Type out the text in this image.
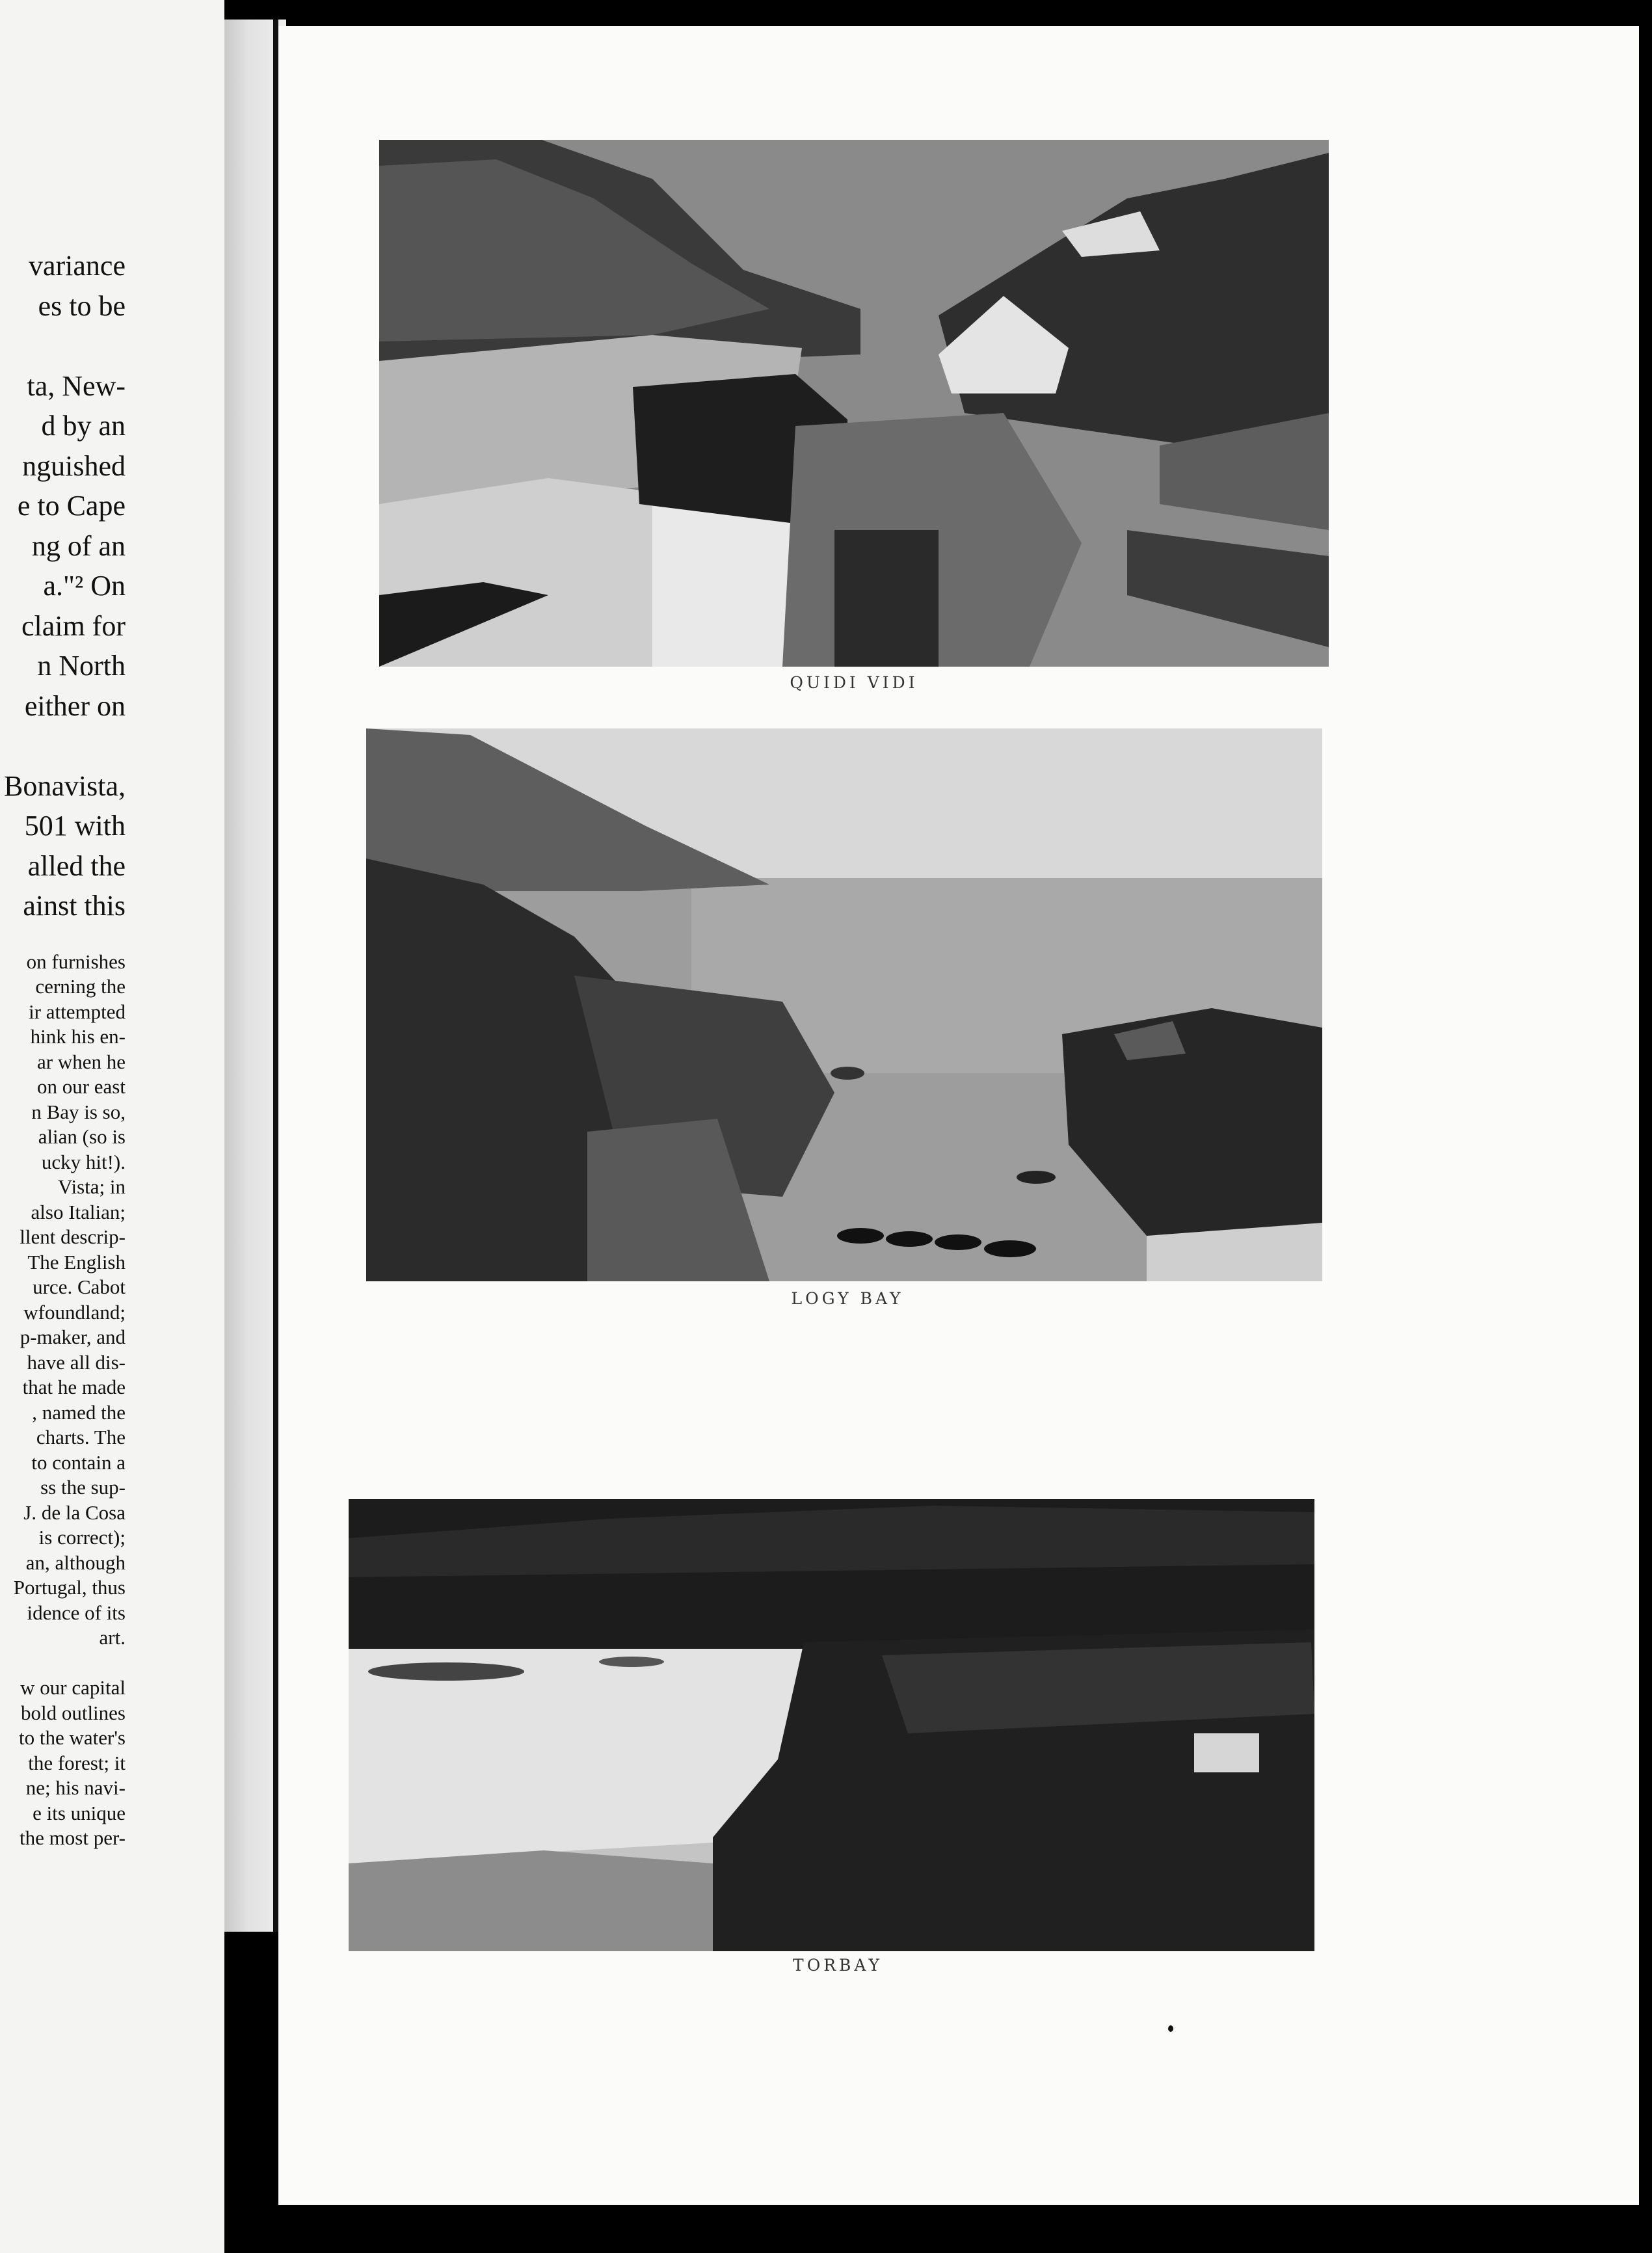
variance

es to be

ta, New-

d by an

nguished

e to Cape

ng of an

a."² On

claim for

n North

either on

Bonavista,

501 with

alled the

ainst this

on furnishes

cerning the

ir attempted

hink his en-

ar when he

on our east

n Bay is so,

alian (so is

ucky hit!).

Vista; in

also Italian;

llent descrip-

The English

urce. Cabot

wfoundland;

p-maker, and

have all dis-

that he made

, named the

charts. The

to contain a

ss the sup-

J. de la Cosa

is correct);

an, although

Portugal, thus

idence of its

art.

w our capital

bold outlines

to the water's

the forest; it

ne; his navi-

e its unique

the most per-

QUIDI VIDI
LOGY BAY
TORBAY
